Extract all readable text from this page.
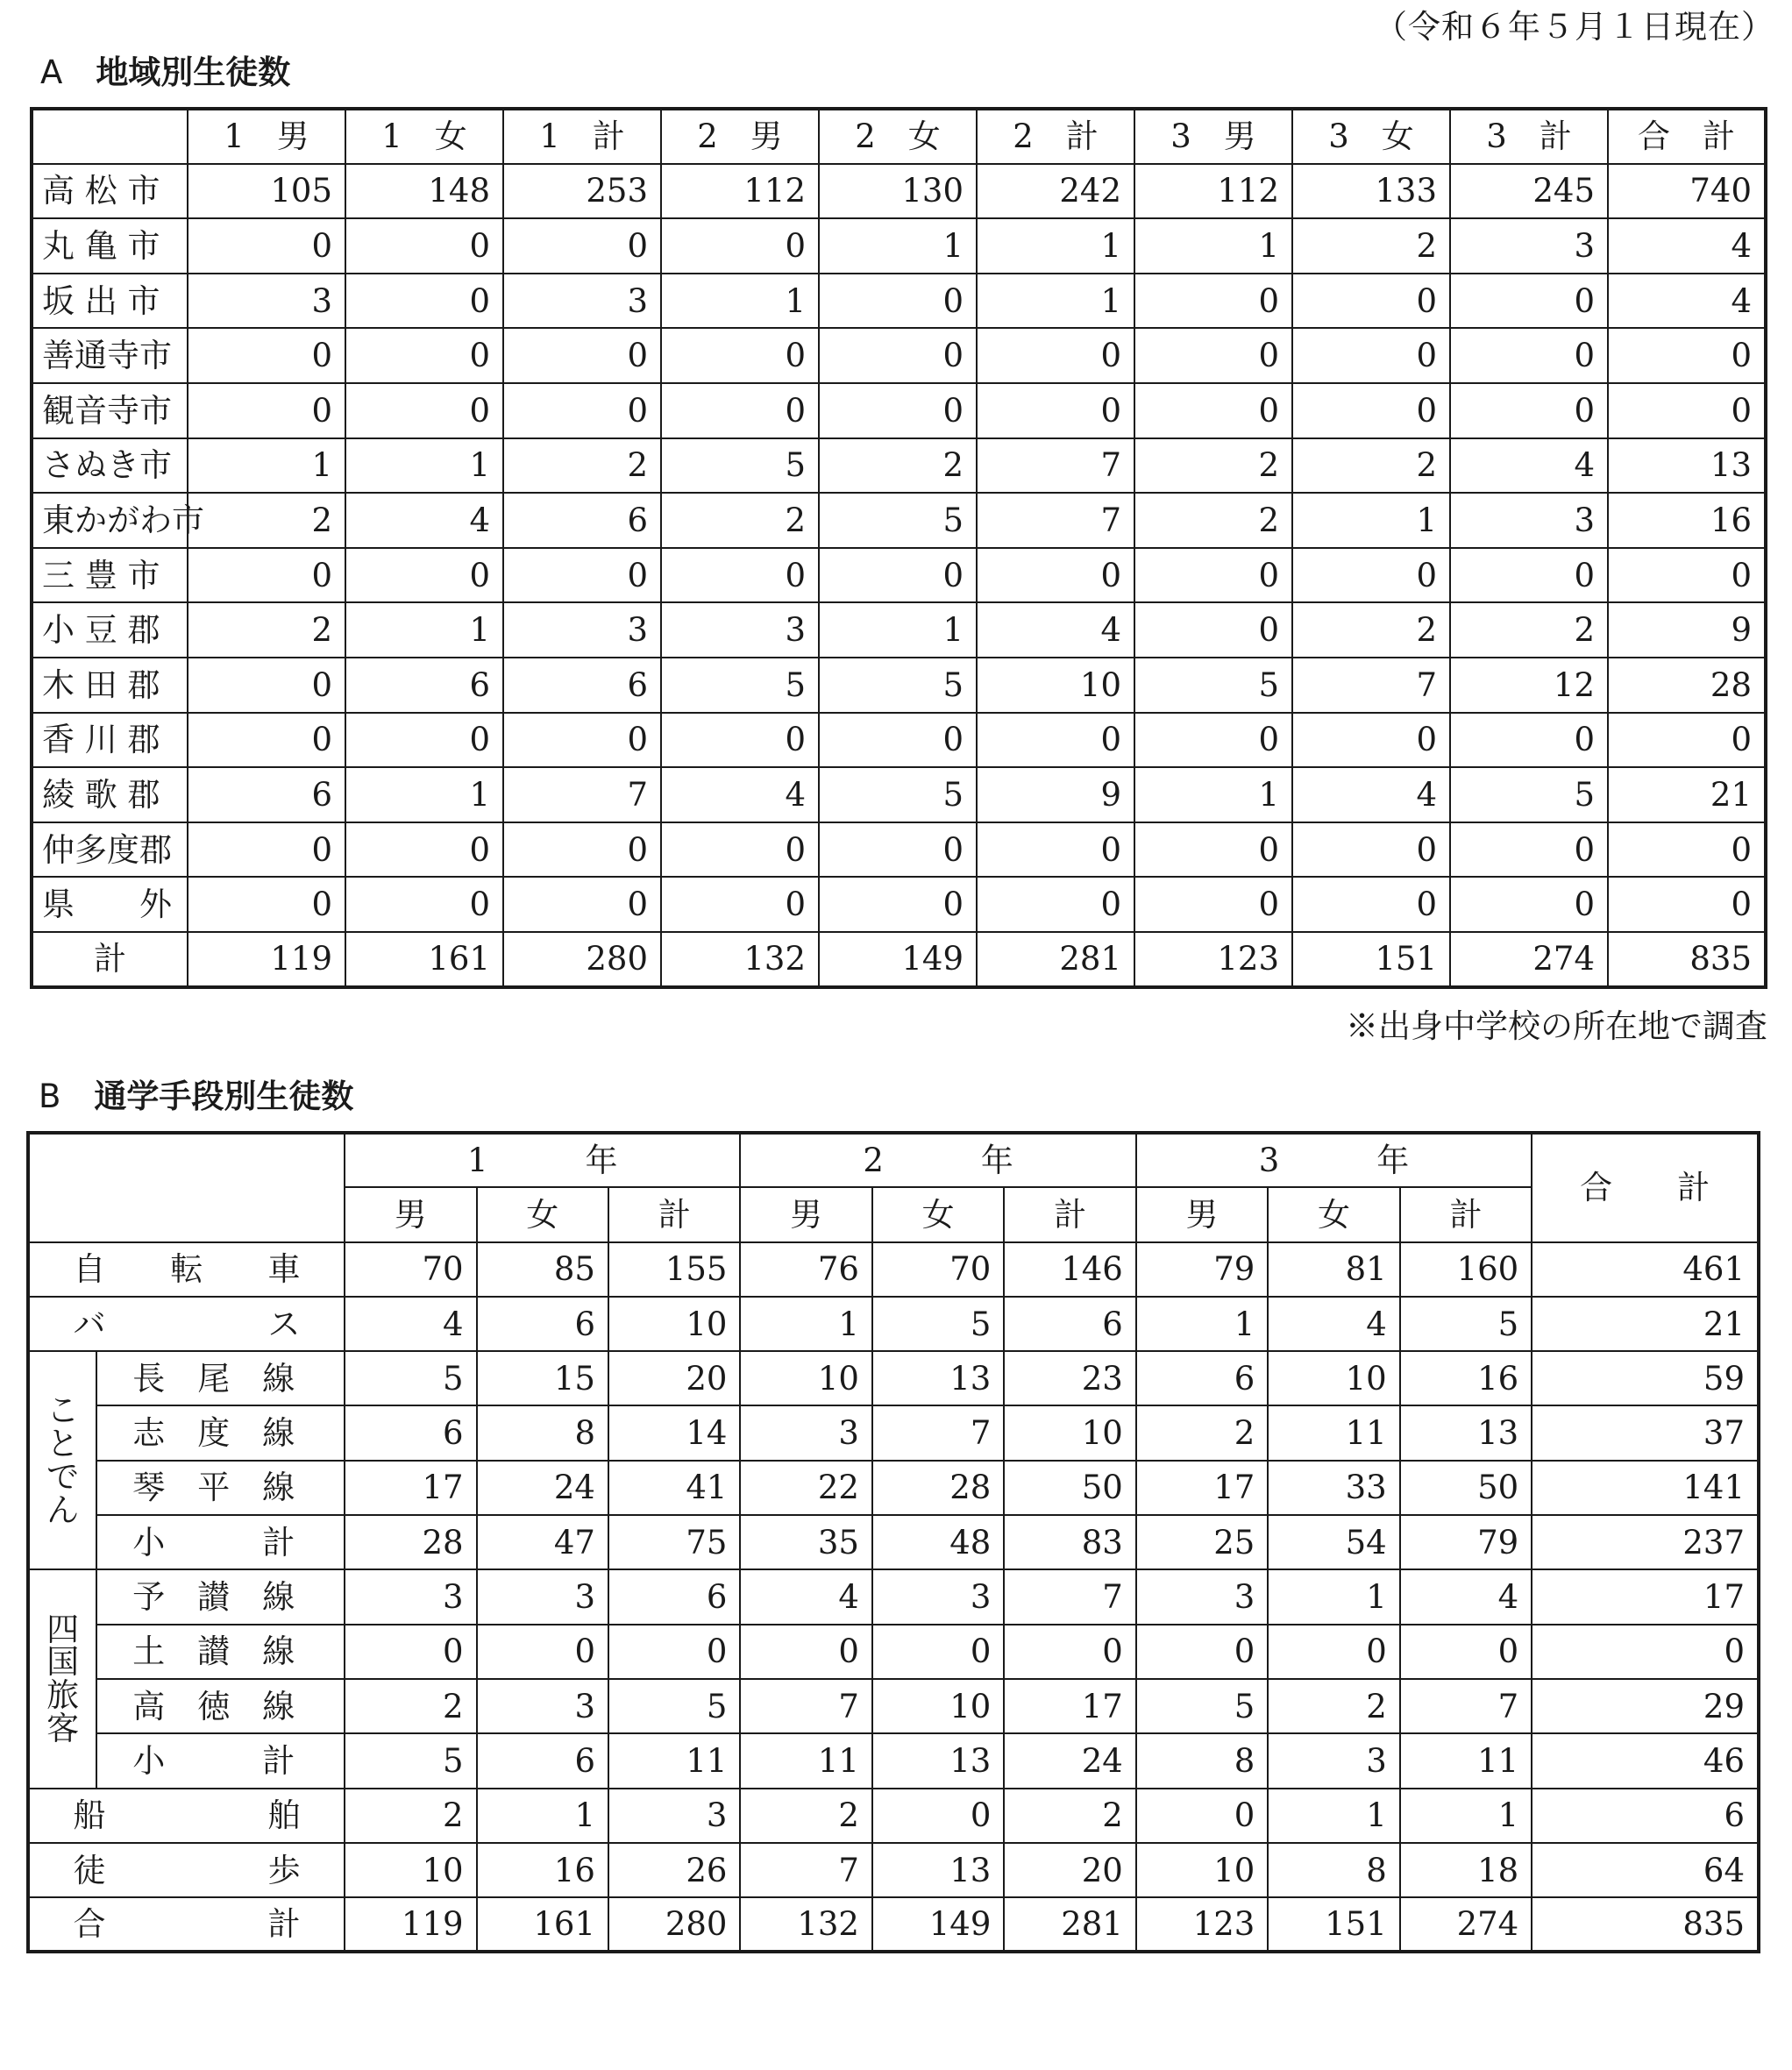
（令和６年５月１日現在）
A 地域別生徒数
	1　男	1　女	1　計	2　男	2　女	2　計	3　男	3　女	3　計	合　計
高 松 市	105	148	253	112	130	242	112	133	245	740
丸 亀 市	0	0	0	0	1	1	1	2	3	4
坂 出 市	3	0	3	1	0	1	0	0	0	4
善通寺市	0	0	0	0	0	0	0	0	0	0
観音寺市	0	0	0	0	0	0	0	0	0	0
さぬき市	1	1	2	5	2	7	2	2	4	13
東かがわ市	2	4	6	2	5	7	2	1	3	16
三 豊 市	0	0	0	0	0	0	0	0	0	0
小 豆 郡	2	1	3	3	1	4	0	2	2	9
木 田 郡	0	6	6	5	5	10	5	7	12	28
香 川 郡	0	0	0	0	0	0	0	0	0	0
綾 歌 郡	6	1	7	4	5	9	1	4	5	21
仲多度郡	0	0	0	0	0	0	0	0	0	0
県　　外	0	0	0	0	0	0	0	0	0	0
計	119	161	280	132	149	281	123	151	274	835
※出身中学校の所在地で調査
B 通学手段別生徒数
		1　　　年			2　　　年			3　　　年			合　　計
		男	女	計	男	女	計	男	女	計	
自　　転　　車		70	85	155	76	70	146	79	81	160	461
バ　　　　　ス		4	6	10	1	5	6	1	4	5	21
ことでん	長　尾　線	5	15	20	10	13	23	6	10	16	59
	志　度　線	6	8	14	3	7	10	2	11	13	37
	琴　平　線	17	24	41	22	28	50	17	33	50	141
	小　　　計	28	47	75	35	48	83	25	54	79	237
四国旅客	予　讃　線	3	3	6	4	3	7	3	1	4	17
	土　讃　線	0	0	0	0	0	0	0	0	0	0
	高　徳　線	2	3	5	7	10	17	5	2	7	29
	小　　　計	5	6	11	11	13	24	8	3	11	46
船　　　　　舶		2	1	3	2	0	2	0	1	1	6
徒　　　　　歩		10	16	26	7	13	20	10	8	18	64
合　　　　　計		119	161	280	132	149	281	123	151	274	835
